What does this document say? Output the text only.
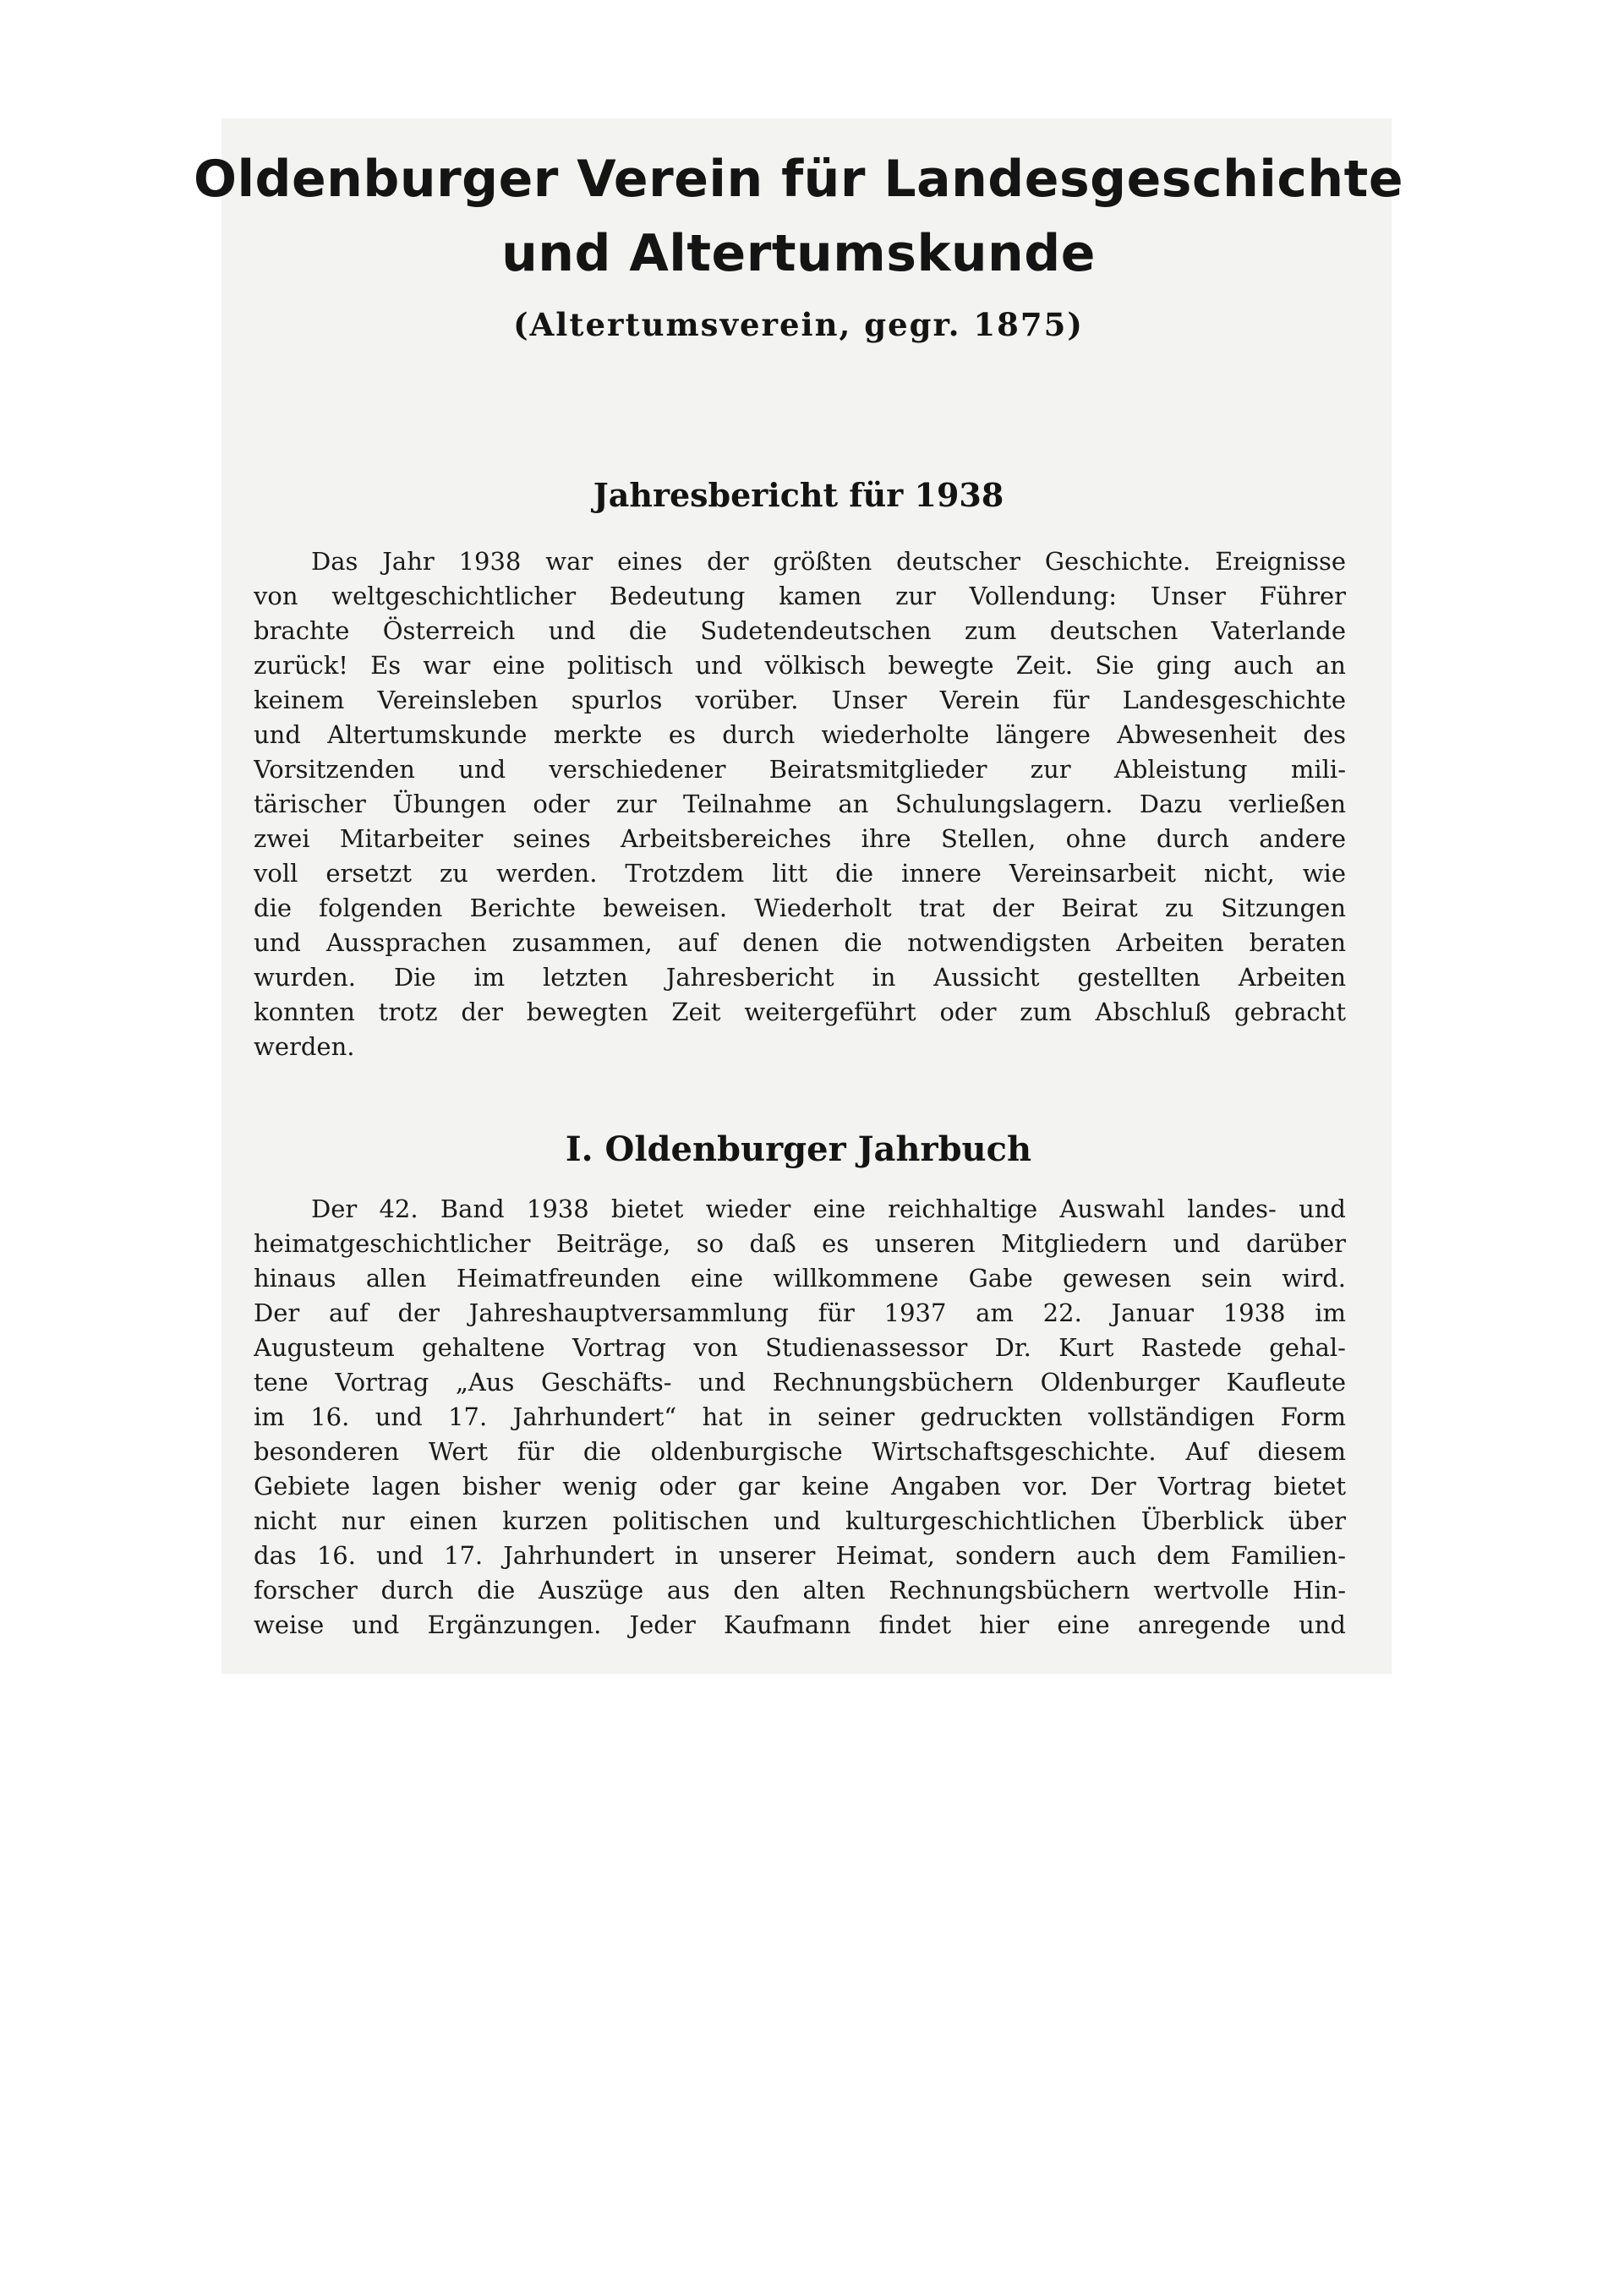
Oldenburger Verein für Landesgeschichte
und Altertumskunde

(Altertumsverein, gegr. 1875)

Jahresbericht für 1938
Das Jahr 1938 war eines der größten deutscher Geschichte. Ereignisse
von weltgeschichtlicher Bedeutung kamen zur Vollendung: Unser Führer
brachte Österreich und die Sudetendeutschen zum deutschen Vaterlande
zurück! Es war eine politisch und völkisch bewegte Zeit. Sie ging auch an
keinem Vereinsleben spurlos vorüber. Unser Verein für Landesgeschichte
und Altertumskunde merkte es durch wiederholte längere Abwesenheit des
Vorsitzenden und verschiedener Beiratsmitglieder zur Ableistung mili-
tärischer Übungen oder zur Teilnahme an Schulungslagern. Dazu verließen
zwei Mitarbeiter seines Arbeitsbereiches ihre Stellen, ohne durch andere
voll ersetzt zu werden. Trotzdem litt die innere Vereinsarbeit nicht, wie
die folgenden Berichte beweisen. Wiederholt trat der Beirat zu Sitzungen
und Aussprachen zusammen, auf denen die notwendigsten Arbeiten beraten
wurden. Die im letzten Jahresbericht in Aussicht gestellten Arbeiten
konnten trotz der bewegten Zeit weitergeführt oder zum Abschluß gebracht
werden.
I. Oldenburger Jahrbuch
Der 42. Band 1938 bietet wieder eine reichhaltige Auswahl landes- und
heimatgeschichtlicher Beiträge, so daß es unseren Mitgliedern und darüber
hinaus allen Heimatfreunden eine willkommene Gabe gewesen sein wird.
Der auf der Jahreshauptversammlung für 1937 am 22. Januar 1938 im
Augusteum gehaltene Vortrag von Studienassessor Dr. Kurt Rastede gehal-
tene Vortrag „Aus Geschäfts- und Rechnungsbüchern Oldenburger Kaufleute
im 16. und 17. Jahrhundert“ hat in seiner gedruckten vollständigen Form
besonderen Wert für die oldenburgische Wirtschaftsgeschichte. Auf diesem
Gebiete lagen bisher wenig oder gar keine Angaben vor. Der Vortrag bietet
nicht nur einen kurzen politischen und kulturgeschichtlichen Überblick über
das 16. und 17. Jahrhundert in unserer Heimat, sondern auch dem Familien-
forscher durch die Auszüge aus den alten Rechnungsbüchern wertvolle Hin-
weise und Ergänzungen. Jeder Kaufmann findet hier eine anregende und
